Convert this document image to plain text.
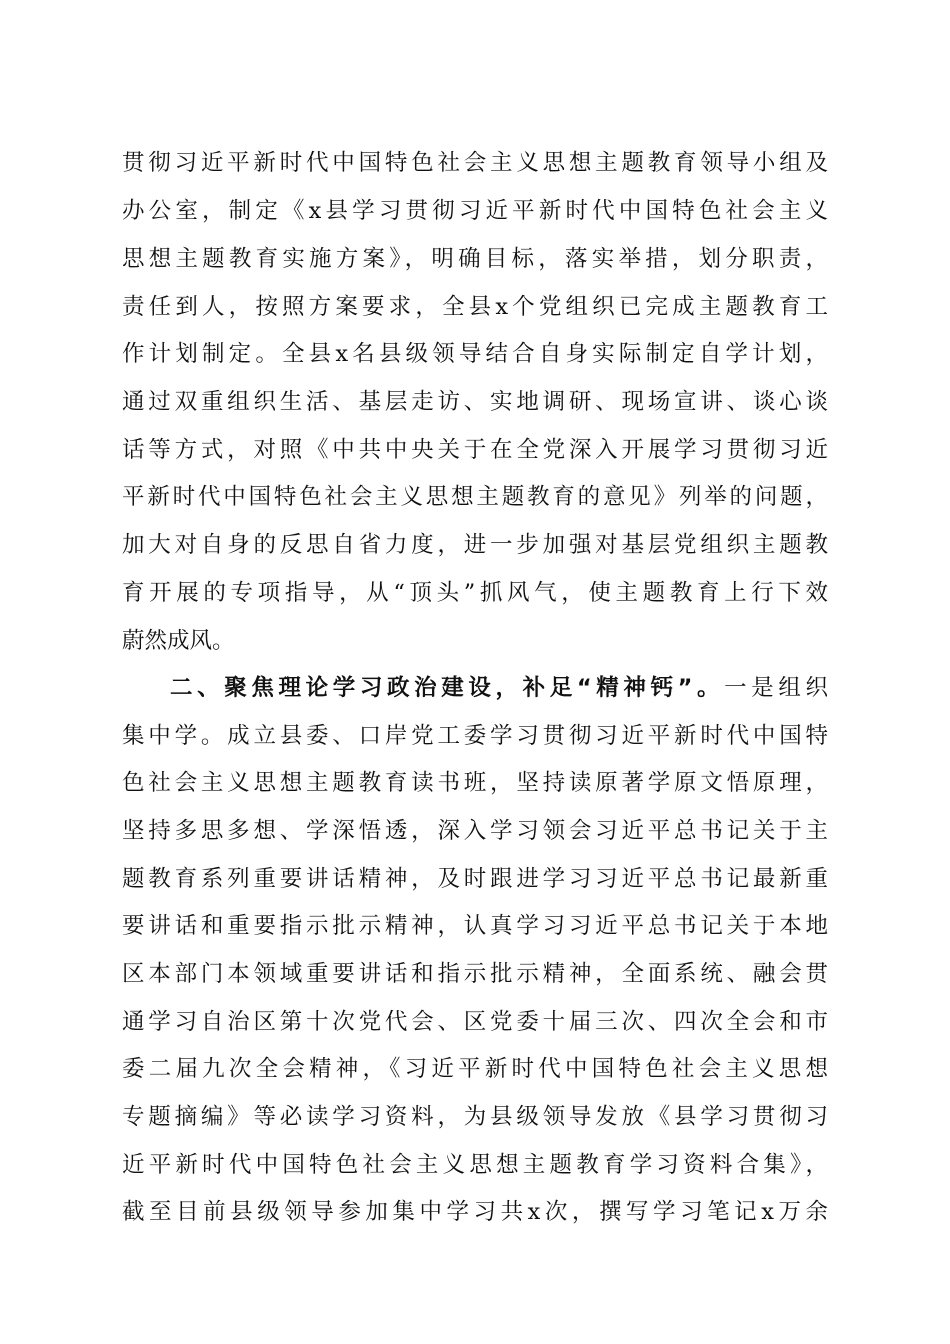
贯彻习近平新时代中国特色社会主义思想主题教育领导小组及
办公室，制定《x县学习贯彻习近平新时代中国特色社会主义
思想主题教育实施方案》，明确目标，落实举措，划分职责，
责任到人，按照方案要求，全县x个党组织已完成主题教育工
作计划制定。全县x名县级领导结合自身实际制定自学计划，
通过双重组织生活、基层走访、实地调研、现场宣讲、谈心谈
话等方式，对照《中共中央关于在全党深入开展学习贯彻习近
平新时代中国特色社会主义思想主题教育的意见》列举的问题，
加大对自身的反思自省力度，进一步加强对基层党组织主题教
育开展的专项指导，从“顶头”抓风气，使主题教育上行下效
蔚然成风。
二、聚焦理论学习政治建设，补足“精神钙”。一是组织
集中学。成立县委、口岸党工委学习贯彻习近平新时代中国特
色社会主义思想主题教育读书班，坚持读原著学原文悟原理，
坚持多思多想、学深悟透，深入学习领会习近平总书记关于主
题教育系列重要讲话精神，及时跟进学习习近平总书记最新重
要讲话和重要指示批示精神，认真学习习近平总书记关于本地
区本部门本领域重要讲话和指示批示精神，全面系统、融会贯
通学习自治区第十次党代会、区党委十届三次、四次全会和市
委二届九次全会精神，《习近平新时代中国特色社会主义思想
专题摘编》等必读学习资料，为县级领导发放《县学习贯彻习
近平新时代中国特色社会主义思想主题教育学习资料合集》，
截至目前县级领导参加集中学习共x次，撰写学习笔记x万余
